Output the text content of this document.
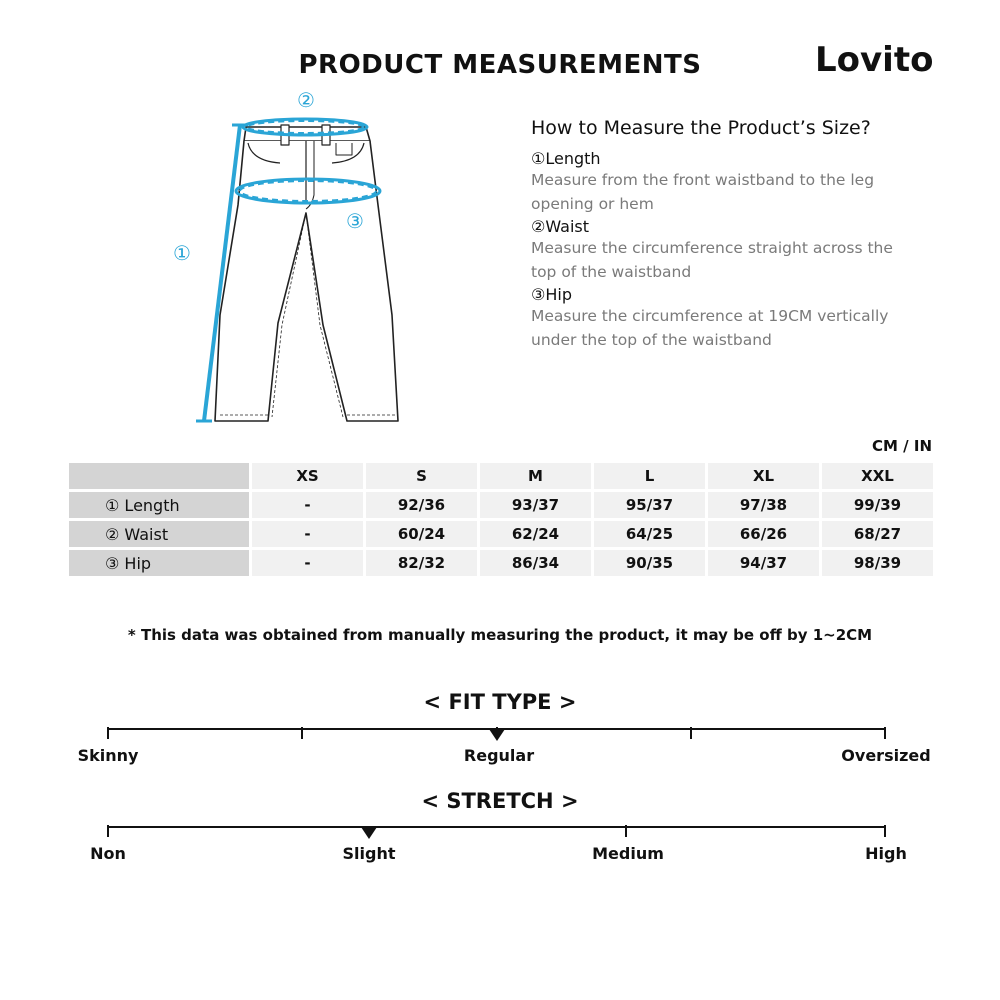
PRODUCT MEASUREMENTS	Lovito
②
③
①
How to Measure the Product’s Size?
①Length
Measure from the front waistband to the leg opening or hem
②Waist
Measure the circumference straight across the top of the waistband
③Hip
Measure the circumference at 19CM vertically under the top of the waistband
CM / IN
	XS	S	M	L	XL	XXL
① Length	-	92/36	93/37	95/37	97/38	99/39
② Waist	-	60/24	62/24	64/25	66/26	68/27
③ Hip	-	82/32	86/34	90/35	94/37	98/39
* This data was obtained from manually measuring the product, it may be off by 1~2CM
< FIT TYPE >
Skinny	Regular	Oversized
< STRETCH >
Non	Slight	Medium	High
